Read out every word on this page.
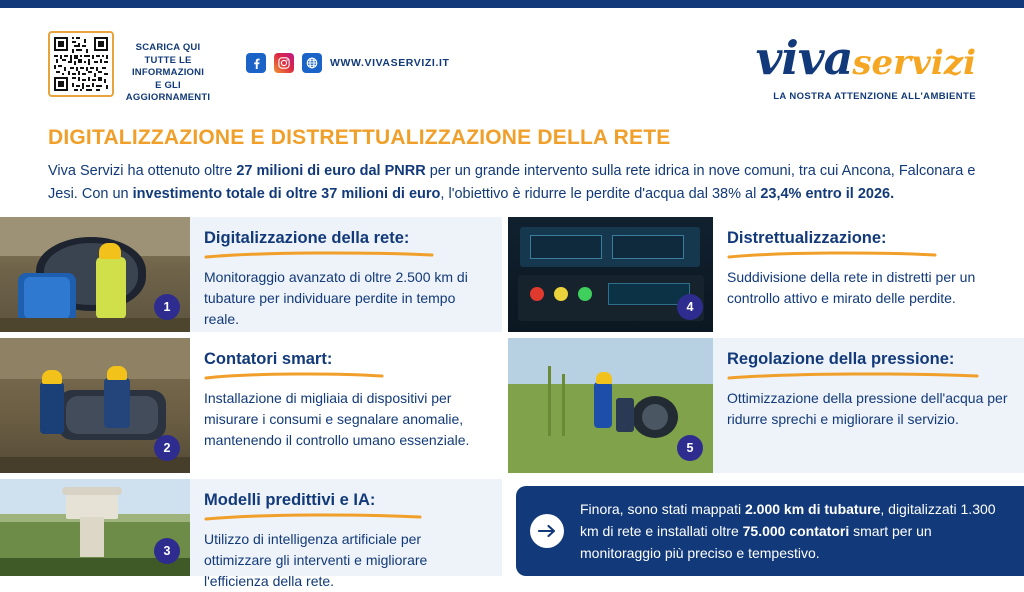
SCARICA QUI
TUTTE LE
INFORMAZIONI
E GLI
AGGIORNAMENTI
WWW.VIVASERVIZI.IT	vivaservizi
LA NOSTRA ATTENZIONE ALL'AMBIENTE
DIGITALIZZAZIONE E DISTRETTUALIZZAZIONE DELLA RETE
Viva Servizi ha ottenuto oltre 27 milioni di euro dal PNRR per un grande intervento sulla rete idrica in nove comuni, tra cui Ancona, Falconara e Jesi. Con un investimento totale di oltre 37 milioni di euro, l'obiettivo è ridurre le perdite d'acqua dal 38% al 23,4% entro il 2026.
1
Digitalizzazione della rete:

Monitoraggio avanzato di oltre 2.500 km di tubature per individuare perdite in tempo reale.

4
Distrettualizzazione:

Suddivisione della rete in distretti per un controllo attivo e mirato delle perdite.

2
Contatori smart:

Installazione di migliaia di dispositivi per misurare i consumi e segnalare anomalie, mantenendo il controllo umano essenziale.	5
Regolazione della pressione:

Ottimizzazione della pressione dell'acqua per ridurre sprechi e migliorare il servizio.

3
Modelli predittivi e IA:

Utilizzo di intelligenza artificiale per ottimizzare gli interventi e migliorare l'efficienza della rete.

Finora, sono stati mappati 2.000 km di tubature, digitalizzati 1.300 km di rete e installati oltre 75.000 contatori smart per un monitoraggio più preciso e tempestivo.
